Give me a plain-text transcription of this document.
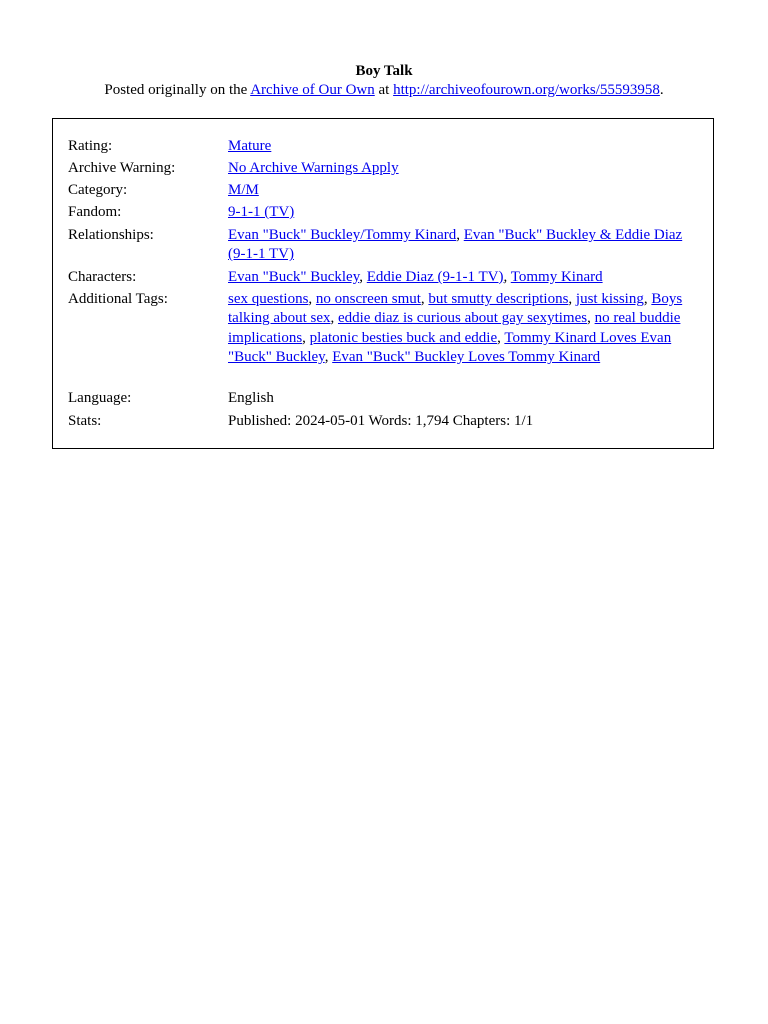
Boy Talk
Posted originally on the Archive of Our Own at http://archiveofourown.org/works/55593958.
Rating:	Mature
Archive Warning:	No Archive Warnings Apply
Category:	M/M
Fandom:	9-1-1 (TV)
Relationships:	Evan "Buck" Buckley/Tommy Kinard, Evan "Buck" Buckley & Eddie Diaz (9-1-1 TV)
Characters:	Evan "Buck" Buckley, Eddie Diaz (9-1-1 TV), Tommy Kinard
Additional Tags:	sex questions, no onscreen smut, but smutty descriptions, just kissing, Boys talking about sex, eddie diaz is curious about gay sexytimes, no real buddie implications, platonic besties buck and eddie, Tommy Kinard Loves Evan "Buck" Buckley, Evan "Buck" Buckley Loves Tommy Kinard
Language:	English
Stats:	Published: 2024-05-01 Words: 1,794 Chapters: 1/1
